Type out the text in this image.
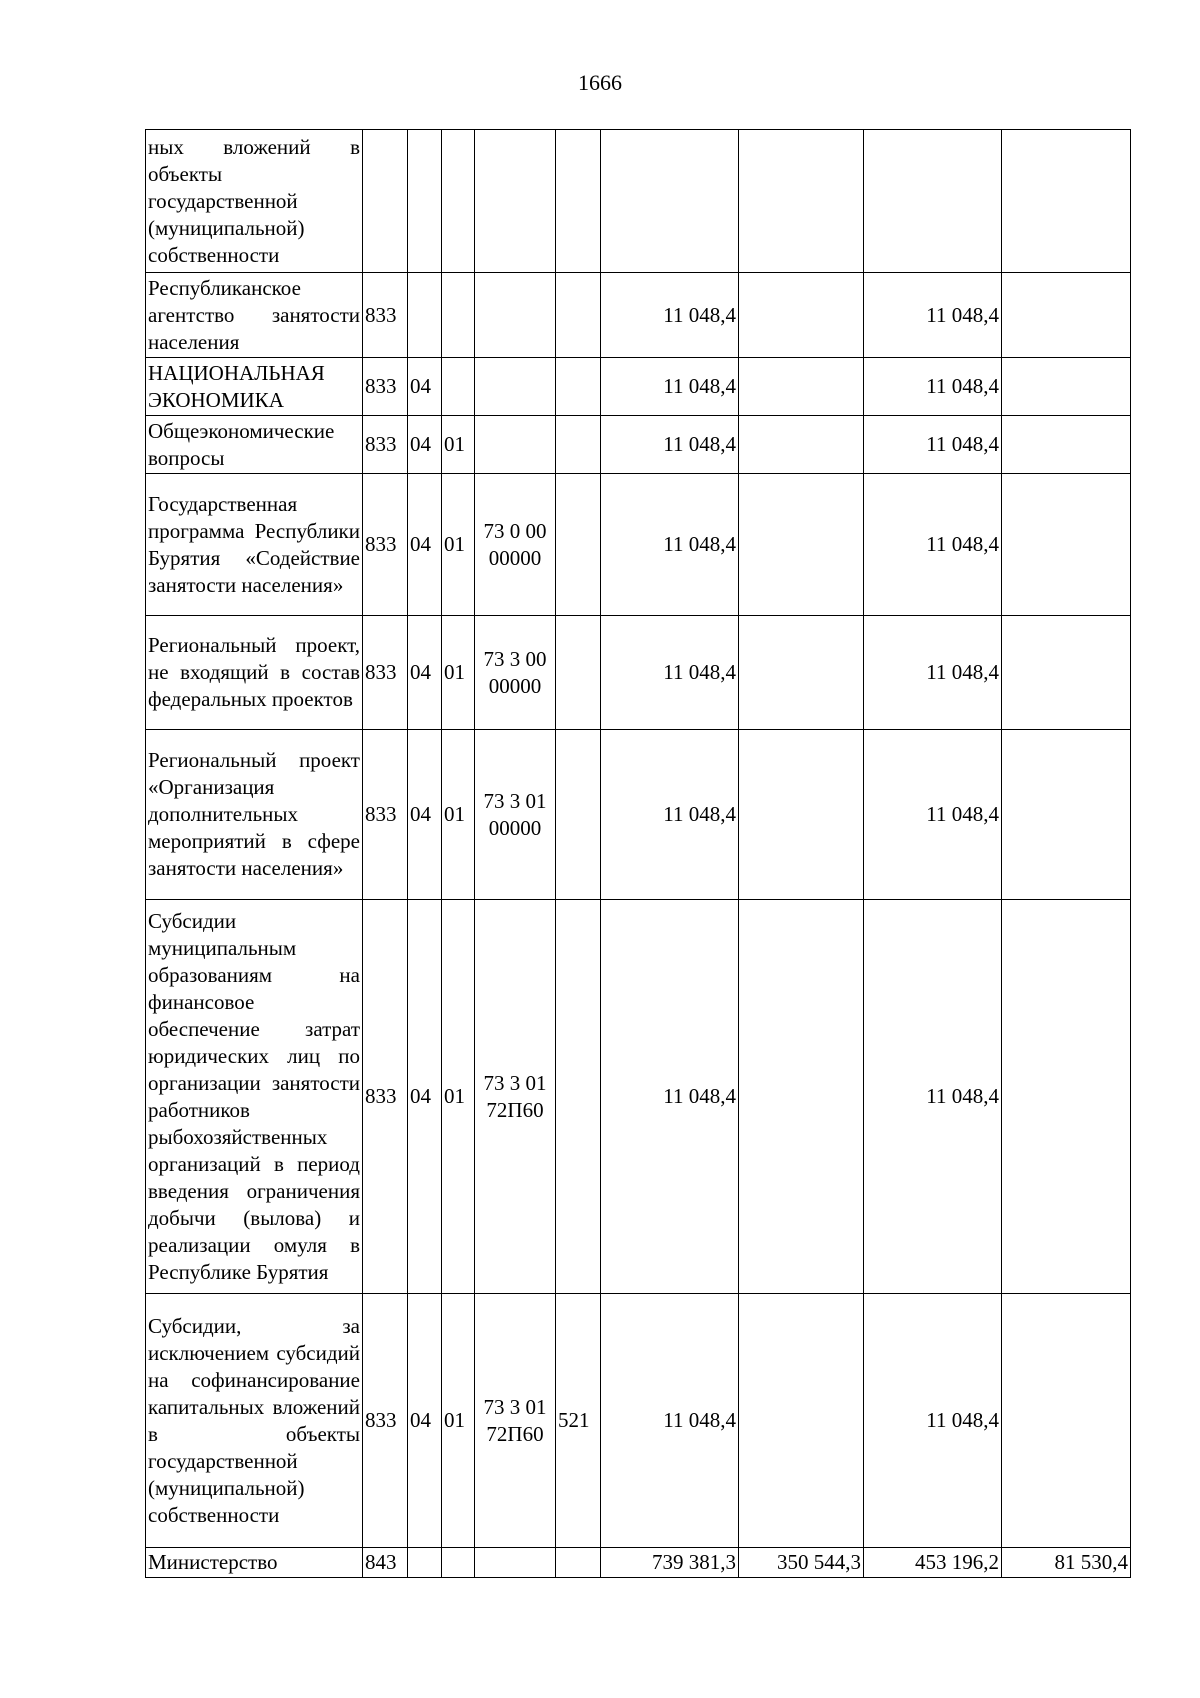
1666
ных вложений в объекты государственной (муниципальной) собственности									
Республиканское агентство занятости населения	833					11 048,4		11 048,4	
НАЦИОНАЛЬНАЯ ЭКОНОМИКА	833	04				11 048,4		11 048,4	
Общеэкономические вопросы	833	04	01			11 048,4		11 048,4	
Государственная программа Республики Бурятия «Содействие занятости населения»	833	04	01	73 0 00 00000		11 048,4		11 048,4	
Региональный проект, не входящий в состав федеральных проектов	833	04	01	73 3 00 00000		11 048,4		11 048,4	
Региональный проект «Организация дополнительных мероприятий в сфере занятости населения»	833	04	01	73 3 01 00000		11 048,4		11 048,4	
Субсидии муниципальным образованиям на финансовое обеспечение затрат юридических лиц по организации занятости работников рыбохозяйственных организаций в период введения ограничения добычи (вылова) и реализации омуля в Республике Бурятия	833	04	01	73 3 01 72П60		11 048,4		11 048,4	
Субсидии, за исключением субсидий на софинансирование капитальных вложений в объекты государственной (муниципальной) собственности	833	04	01	73 3 01 72П60	521	11 048,4		11 048,4	
Министерство	843					739 381,3	350 544,3	453 196,2	81 530,4
